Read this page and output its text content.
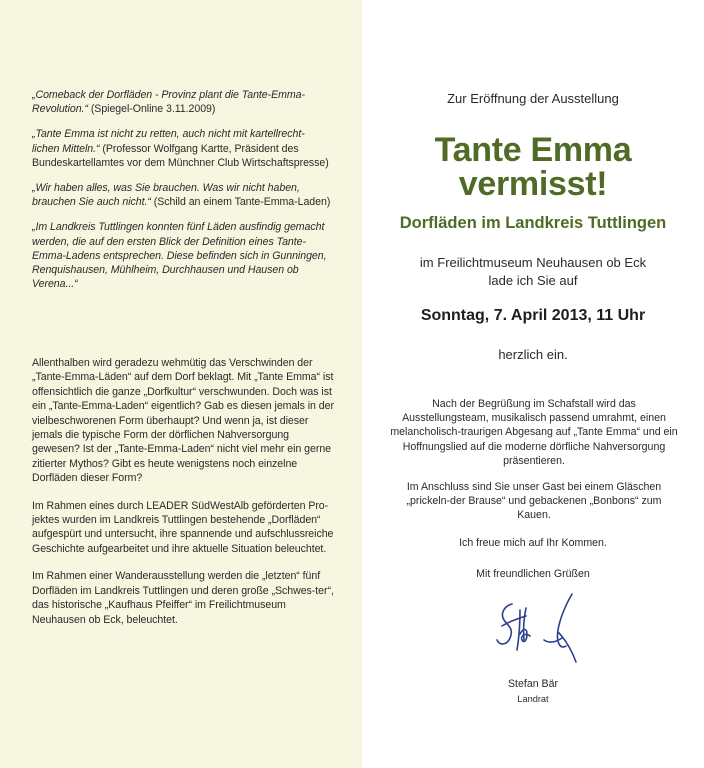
„Comeback der Dorfläden - Provinz plant die Tante-Emma-Revolution.“ (Spiegel-Online 3.11.2009)

„Tante Emma ist nicht zu retten, auch nicht mit kartellrecht-lichen Mitteln.“ (Professor Wolfgang Kartte, Präsident des Bundeskartellamtes vor dem Münchner Club Wirtschaftspresse)

„Wir haben alles, was Sie brauchen. Was wir nicht haben, brauchen Sie auch nicht.“ (Schild an einem Tante-Emma-Laden)

„Im Landkreis Tuttlingen konnten fünf Läden ausfindig gemacht werden, die auf den ersten Blick der Definition eines Tante-Emma-Ladens entsprechen. Diese befinden sich in Gunningen, Renquishausen, Mühlheim, Durchhausen und Hausen ob Verena...“

Allenthalben wird geradezu wehmütig das Verschwinden der „Tante-Emma-Läden“ auf dem Dorf beklagt. Mit „Tante Emma“ ist offensichtlich die ganze „Dorfkultur“ verschwunden. Doch was ist ein „Tante-Emma-Laden“ eigentlich? Gab es diesen jemals in der vielbeschworenen Form überhaupt? Und wenn ja, ist dieser jemals die typische Form der dörflichen Nahversorgung gewesen? Ist der „Tante-Emma-Laden“ nicht viel mehr ein gerne zitierter Mythos? Gibt es heute wenigstens noch einzelne Dorfläden dieser Form?

Im Rahmen eines durch LEADER SüdWestAlb geförderten Pro-jektes wurden im Landkreis Tuttlingen bestehende „Dorfläden“ aufgespürt und untersucht, ihre spannende und aufschlussreiche Geschichte aufgearbeitet und ihre aktuelle Situation beleuchtet.

Im Rahmen einer Wanderausstellung werden die „letzten“ fünf Dorfläden im Landkreis Tuttlingen und deren große „Schwes-ter“, das historische „Kaufhaus Pfeiffer“ im Freilichtmuseum Neuhausen ob Eck, beleuchtet.

Zur Eröffnung der Ausstellung
Tante Emma
vermisst!
Dorfläden im Landkreis Tuttlingen
im Freilichtmuseum Neuhausen ob Eck
lade ich Sie auf
Sonntag, 7. April 2013, 11 Uhr
herzlich ein.

Nach der Begrüßung im Schafstall wird das Ausstellungsteam, musikalisch passend umrahmt, einen melancholisch-traurigen Abgesang auf „Tante Emma“ und ein Hoffnungslied auf die moderne dörfliche Nahversorgung präsentieren.

Im Anschluss sind Sie unser Gast bei einem Gläschen „prickeln-der Brause“ und gebackenen „Bonbons“ zum Kauen.

Ich freue mich auf Ihr Kommen.
Mit freundlichen Grüßen
Stefan Bär
Landrat
